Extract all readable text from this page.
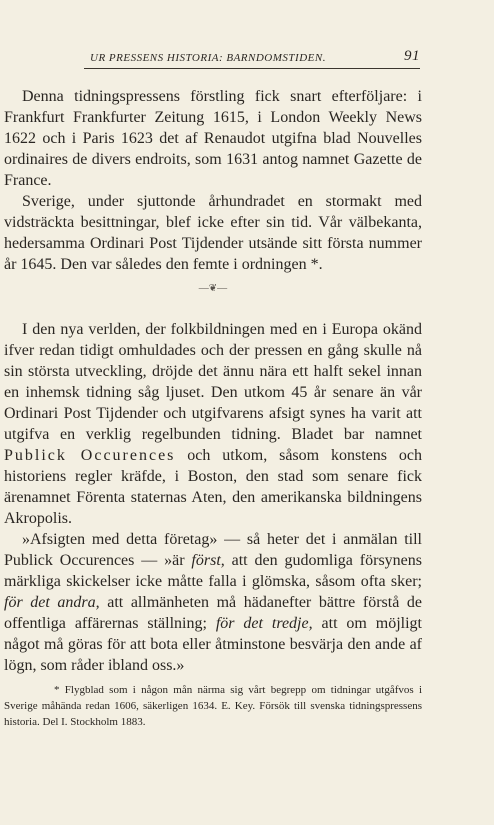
UR PRESSENS HISTORIA: BARNDOMSTIDEN.	91

Denna tidningspressens förstling fick snart efterföljare: i Frankfurt Frankfurter Zeitung 1615, i London Weekly News 1622 och i Paris 1623 det af Renaudot utgifna blad Nouvelles ordinaires de divers endroits, som 1631 antog namnet Gazette de France.

Sverige, under sjuttonde århundradet en stormakt med vidsträckta besittningar, blef icke efter sin tid. Vår välbekanta, hedersamma Ordinari Post Tijdender utsände sitt första nummer år 1645. Den var således den femte i ordningen *.

—❦—

I den nya verlden, der folkbildningen med en i Europa okänd ifver redan tidigt omhuldades och der pressen en gång skulle nå sin största utveckling, dröjde det ännu nära ett halft sekel innan en inhemsk tidning såg ljuset. Den utkom 45 år senare än vår Ordinari Post Tijdender och utgifvarens afsigt synes ha varit att utgifva en verklig regelbunden tidning. Bladet bar namnet Publick Occurences och utkom, såsom konstens och historiens regler kräfde, i Boston, den stad som senare fick ärenamnet Förenta staternas Aten, den amerikanska bildningens Akropolis.

»Afsigten med detta företag» — så heter det i anmälan till Publick Occurences — »är först, att den gudomliga försynens märkliga skickelser icke måtte falla i glömska, såsom ofta sker; för det andra, att allmänheten må hädanefter bättre förstå de offentliga affärernas ställning; för det tredje, att om möjligt något må göras för att bota eller åtminstone besvärja den ande af lögn, som råder ibland oss.»

* Flygblad som i någon mån närma sig vårt begrepp om tidningar utgåfvos i Sverige måhända redan 1606, säkerligen 1634. E. Key. Försök till svenska tidningspressens historia. Del I. Stockholm 1883.
